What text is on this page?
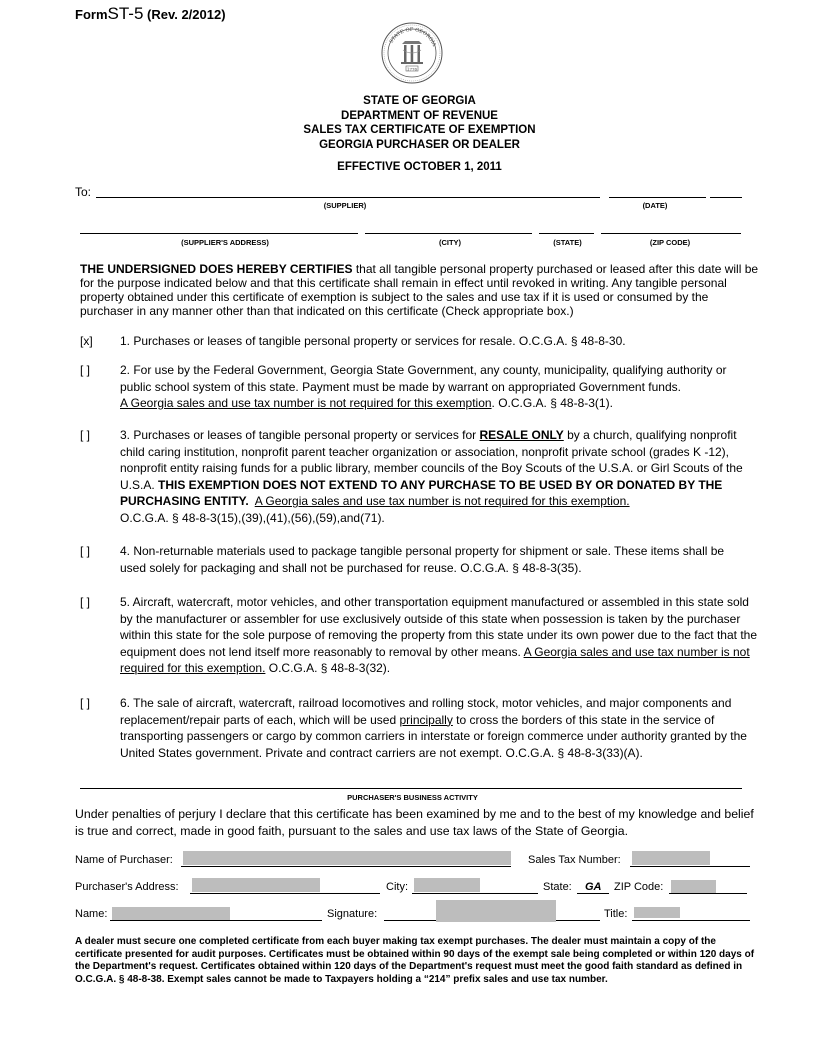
FormST-5 (Rev. 2/2012)
1776
STATE OF GEORGIA
STATE OF GEORGIA
DEPARTMENT OF REVENUE
SALES TAX CERTIFICATE OF EXEMPTION
GEORGIA PURCHASER OR DEALER
EFFECTIVE OCTOBER 1, 2011
To:
(SUPPLIER)	(DATE)
(SUPPLIER'S ADDRESS)	(CITY)	(STATE)	(ZIP CODE)
THE UNDERSIGNED DOES HEREBY CERTIFIES that all tangible personal property purchased or leased after this date will be for the purpose indicated below and that this certificate shall remain in effect until revoked in writing. Any tangible personal property obtained under this certificate of exemption is subject to the sales and use tax if it is used or consumed by the purchaser in any manner other than that indicated on this certificate (Check appropriate box.)
[x]	1. Purchases or leases of tangible personal property or services for resale. O.C.G.A. § 48-8-30.
[ ]	2. For use by the Federal Government, Georgia State Government, any county, municipality, qualifying authority or public school system of this state. Payment must be made by warrant on appropriated Government funds.
A Georgia sales and use tax number is not required for this exemption. O.C.G.A. § 48-8-3(1).
[ ]	3. Purchases or leases of tangible personal property or services for RESALE ONLY by a church, qualifying nonprofit child caring institution, nonprofit parent teacher organization or association, nonprofit private school (grades K -12), nonprofit entity raising funds for a public library, member councils of the Boy Scouts of the U.S.A. or Girl Scouts of the U.S.A. THIS EXEMPTION DOES NOT EXTEND TO ANY PURCHASE TO BE USED BY OR DONATED BY THE PURCHASING ENTITY. A Georgia sales and use tax number is not required for this exemption.
O.C.G.A. § 48-8-3(15),(39),(41),(56),(59),and(71).
[ ]	4. Non-returnable materials used to package tangible personal property for shipment or sale. These items shall be used solely for packaging and shall not be purchased for reuse. O.C.G.A. § 48-8-3(35).
[ ]	5. Aircraft, watercraft, motor vehicles, and other transportation equipment manufactured or assembled in this state sold by the manufacturer or assembler for use exclusively outside of this state when possession is taken by the purchaser within this state for the sole purpose of removing the property from this state under its own power due to the fact that the equipment does not lend itself more reasonably to removal by other means. A Georgia sales and use tax number is not required for this exemption. O.C.G.A. § 48-8-3(32).
[ ]	6. The sale of aircraft, watercraft, railroad locomotives and rolling stock, motor vehicles, and major components and replacement/repair parts of each, which will be used principally to cross the borders of this state in the service of transporting passengers or cargo by common carriers in interstate or foreign commerce under authority granted by the United States government. Private and contract carriers are not exempt. O.C.G.A. § 48-8-3(33)(A).
PURCHASER'S BUSINESS ACTIVITY
Under penalties of perjury I declare that this certificate has been examined by me and to the best of my knowledge and belief is true and correct, made in good faith, pursuant to the sales and use tax laws of the State of Georgia.
Name of Purchaser:	Sales Tax Number:
Purchaser's Address:	City:	State: GA ZIP Code:
Name:	Signature:	Title:
A dealer must secure one completed certificate from each buyer making tax exempt purchases. The dealer must maintain a copy of the certificate presented for audit purposes. Certificates must be obtained within 90 days of the exempt sale being completed or within 120 days of the Department's request. Certificates obtained within 120 days of the Department's request must meet the good faith standard as defined in O.C.G.A. § 48-8-38. Exempt sales cannot be made to Taxpayers holding a “214” prefix sales and use tax number.
